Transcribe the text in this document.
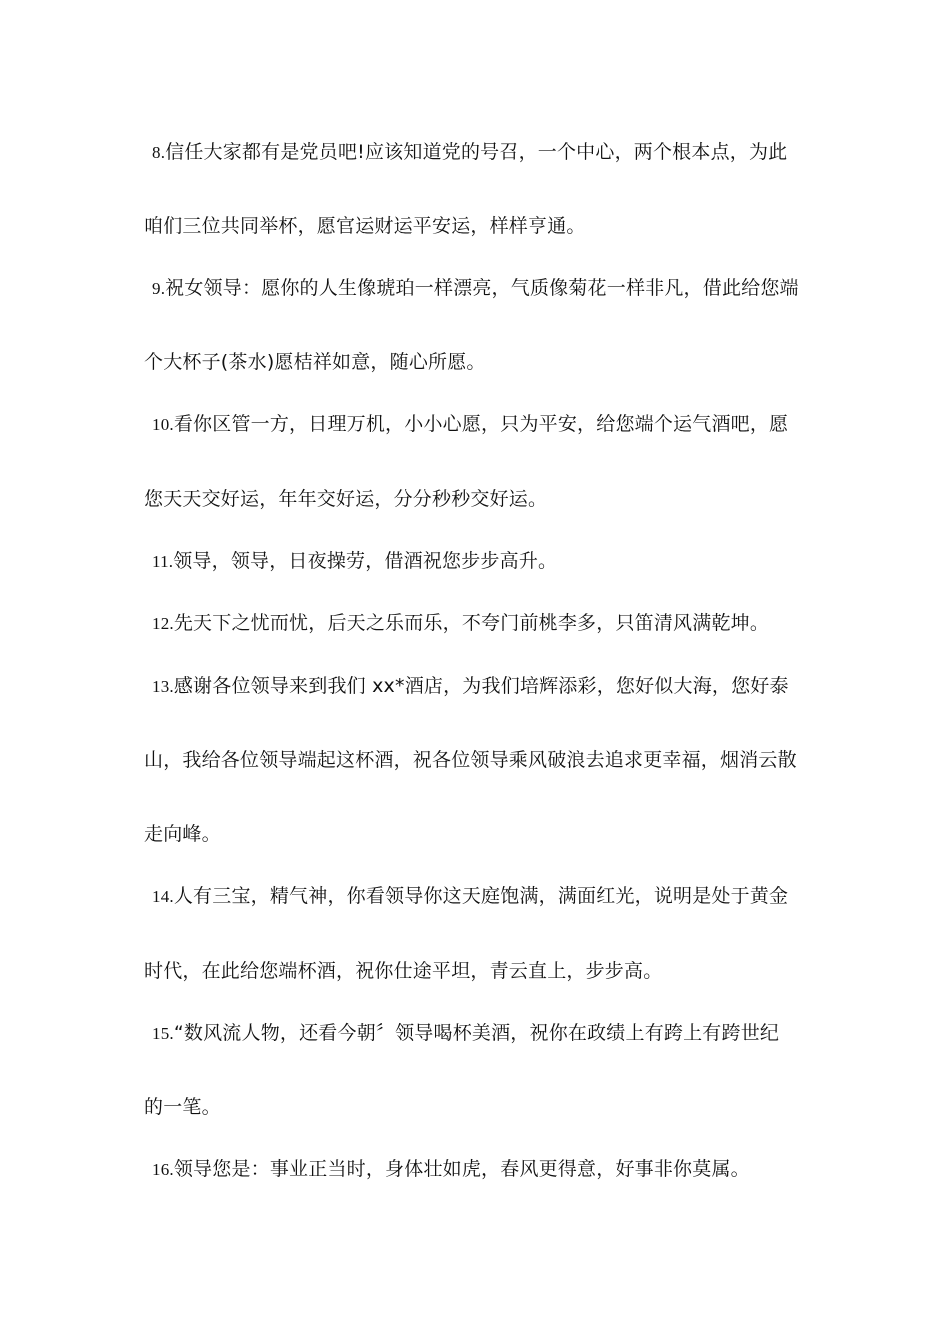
8.信任大家都有是党员吧!应该知道党的号召，一个中心，两个根本点，为此
咱们三位共同举杯，愿官运财运平安运，样样亨通。
9.祝女领导：愿你的人生像琥珀一样漂亮，气质像菊花一样非凡，借此给您端
个大杯子(茶水)愿桔祥如意，随心所愿。
10.看你区管一方，日理万机，小小心愿，只为平安，给您端个运气酒吧，愿
您天天交好运，年年交好运，分分秒秒交好运。
11.领导，领导，日夜操劳，借酒祝您步步高升。
12.先天下之忧而忧，后天之乐而乐，不夸门前桃李多，只笛清风满乾坤。
13.感谢各位领导来到我们 xx*酒店，为我们培辉添彩，您好似大海，您好泰
山，我给各位领导端起这杯酒，祝各位领导乘风破浪去追求更幸福，烟消云散
走向峰。
14.人有三宝，精气神，你看领导你这天庭饱满，满面红光，说明是处于黄金
时代，在此给您端杯酒，祝你仕途平坦，青云直上，步步高。
15.“数风流人物，还看今朝〞领导喝杯美酒，祝你在政绩上有跨上有跨世纪
的一笔。
16.领导您是：事业正当时，身体壮如虎，春风更得意，好事非你莫属。
